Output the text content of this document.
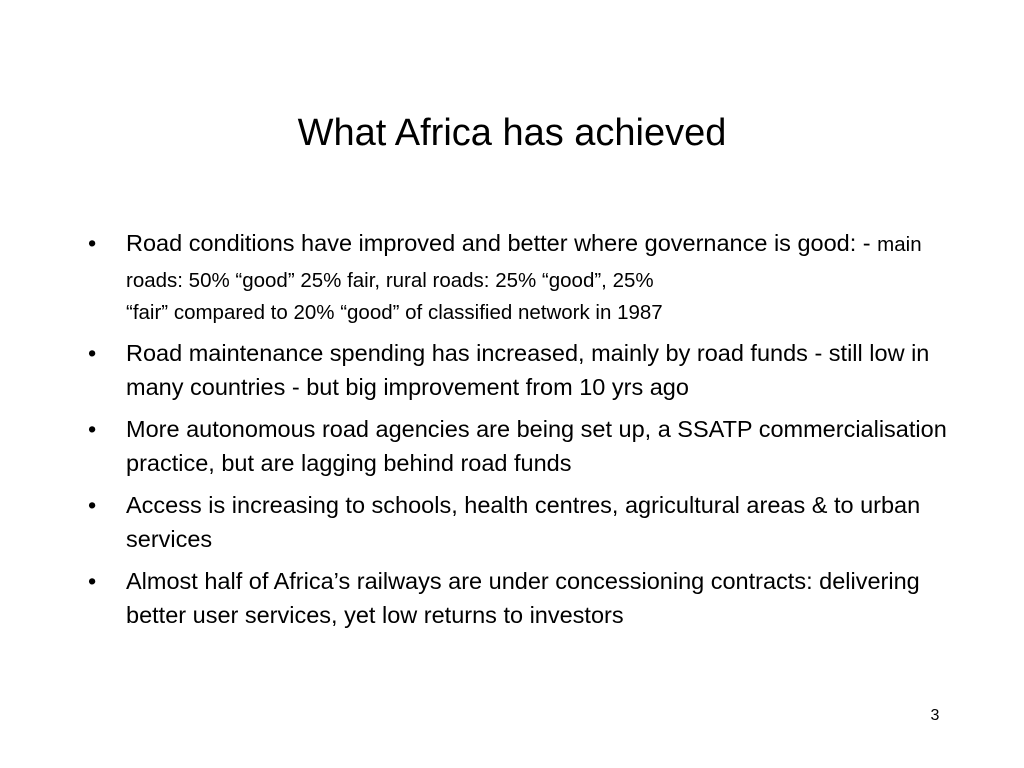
What Africa has achieved
• Road conditions have improved and better where governance is good: - main roads: 50% “good” 25% fair, rural roads: 25% “good”, 25%
“fair” compared to 20% “good” of classified network in 1987
• Road maintenance spending has increased, mainly by road funds - still low in many countries - but big improvement from 10 yrs ago
• More autonomous road agencies are being set up, a SSATP commercialisation practice, but are lagging behind road funds
• Access is increasing to schools, health centres, agricultural areas & to urban services
• Almost half of Africa’s railways are under concessioning contracts: delivering better user services, yet low returns to investors
3
